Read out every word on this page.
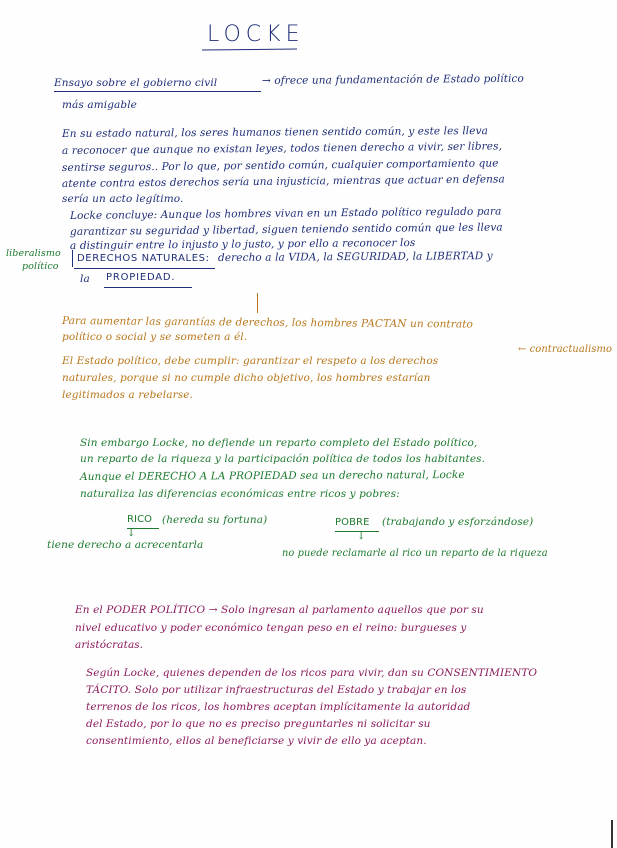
LOCKE
Ensayo sobre el gobierno civil	→ ofrece una fundamentación de Estado político
más amigable
En su estado natural, los seres humanos tienen sentido común, y este les lleva
a reconocer que aunque no existan leyes, todos tienen derecho a vivir, ser libres,
sentirse seguros.. Por lo que, por sentido común, cualquier comportamiento que
atente contra estos derechos sería una injusticia, mientras que actuar en defensa
sería un acto legítimo.
Locke concluye: Aunque los hombres vivan en un Estado político regulado para
garantizar su seguridad y libertad, siguen teniendo sentido común que les lleva
a distinguir entre lo injusto y lo justo, y por ello a reconocer los
liberalismo
político
DERECHOS NATURALES: derecho a la VIDA, la SEGURIDAD, la LIBERTAD y
la PROPIEDAD.
Para aumentar las garantías de derechos, los hombres PACTAN un contrato
político o social y se someten a él.
El Estado político, debe cumplir: garantizar el respeto a los derechos
naturales, porque si no cumple dicho objetivo, los hombres estarían
legitimados a rebelarse.
← contractualismo
Sin embargo Locke, no defiende un reparto completo del Estado político,
un reparto de la riqueza y la participación política de todos los habitantes.
Aunque el DERECHO A LA PROPIEDAD sea un derecho natural, Locke
naturaliza las diferencias económicas entre ricos y pobres:
RICO (hereda su fortuna)
↓
tiene derecho a acrecentarla
POBRE (trabajando y esforzándose)
↓
no puede reclamarle al rico un reparto de la riqueza
En el PODER POLÍTICO → Solo ingresan al parlamento aquellos que por su
nivel educativo y poder económico tengan peso en el reino: burgueses y
aristócratas.
Según Locke, quienes dependen de los ricos para vivir, dan su CONSENTIMIENTO
TÁCITO. Solo por utilizar infraestructuras del Estado y trabajar en los
terrenos de los ricos, los hombres aceptan implícitamente la autoridad
del Estado, por lo que no es preciso preguntarles ni solicitar su
consentimiento, ellos al beneficiarse y vivir de ello ya aceptan.
